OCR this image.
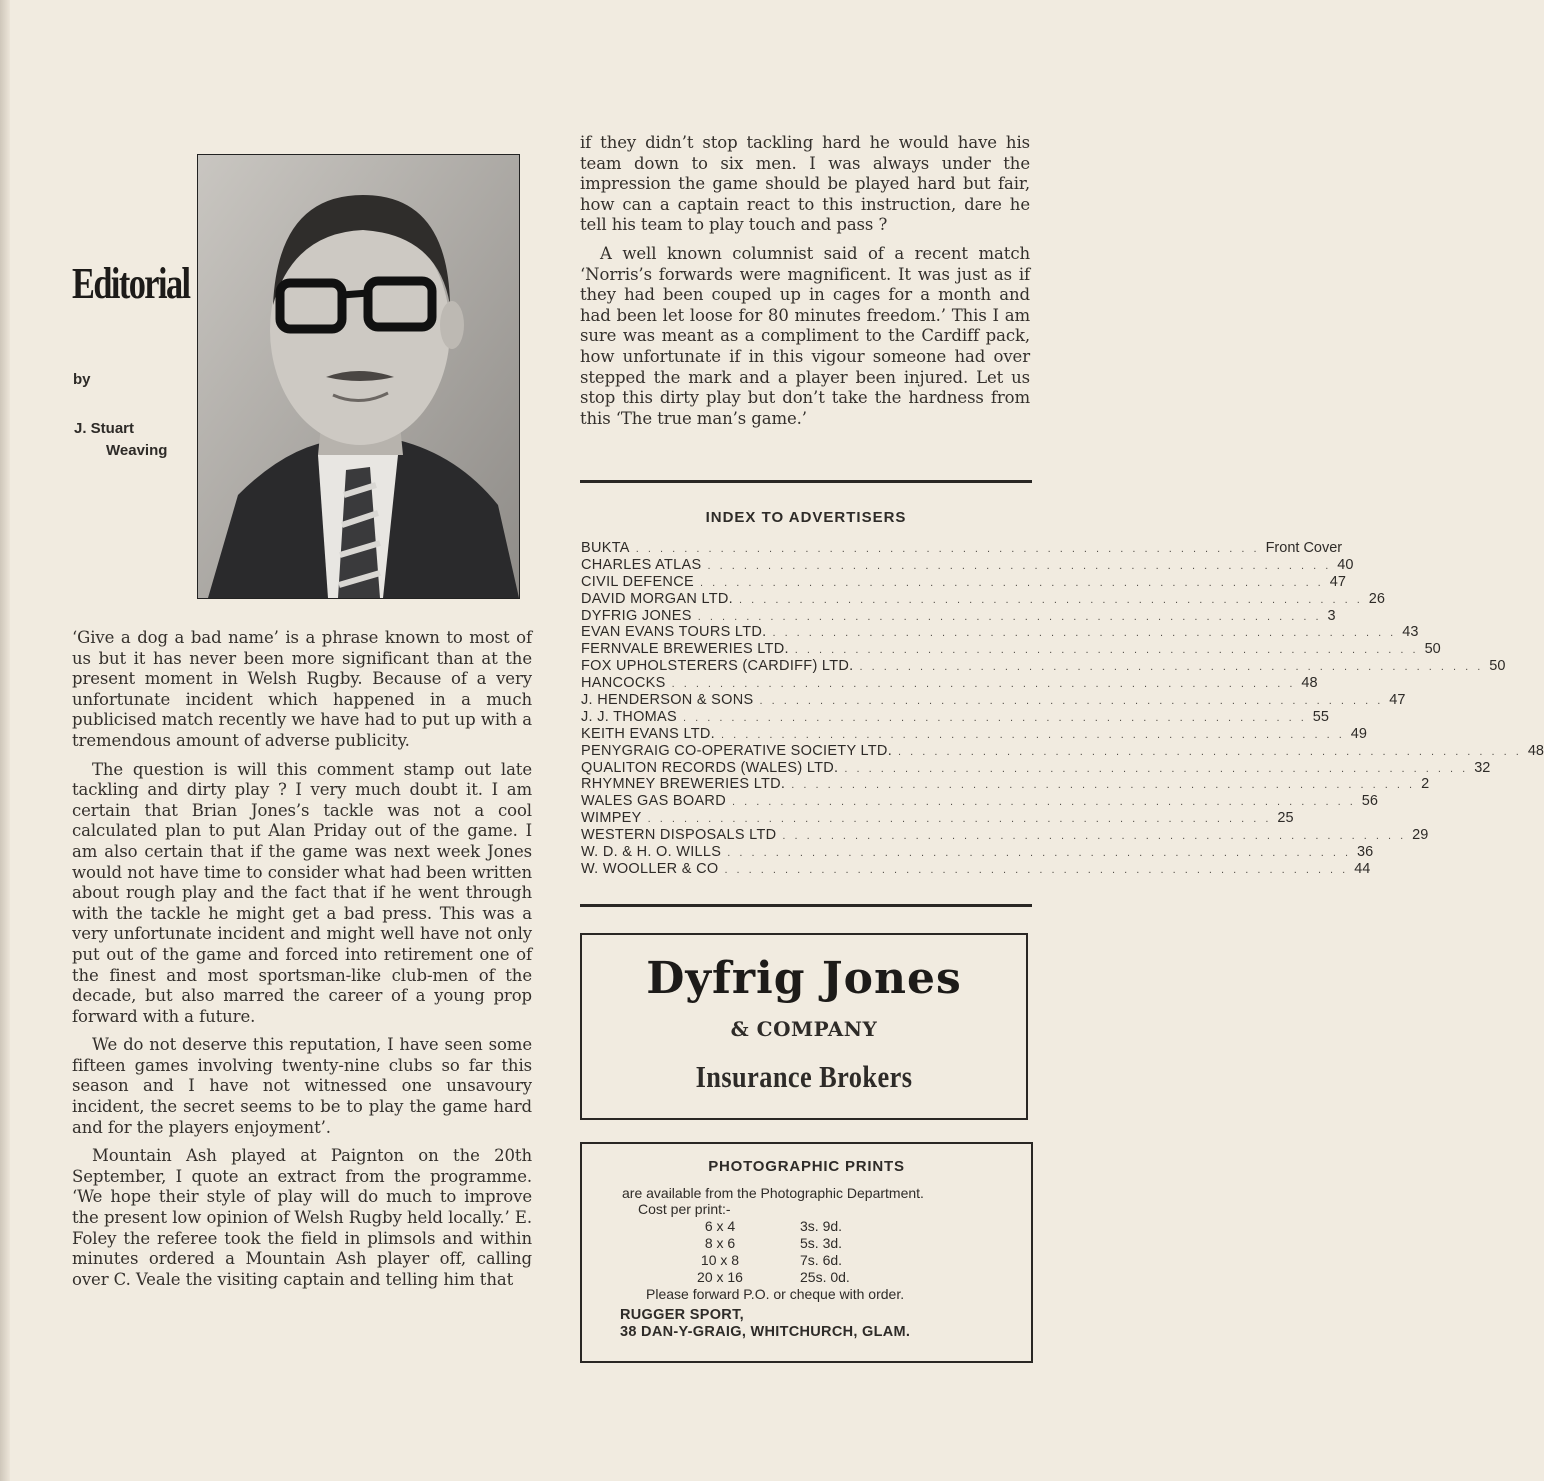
Editorial
by
J. Stuart
Weaving

‘Give a dog a bad name’ is a phrase known to most of us but it has never been more significant than at the present moment in Welsh Rugby. Because of a very unfortunate incident which happened in a much publicised match recently we have had to put up with a tremendous amount of adverse publicity.

The question is will this comment stamp out late tackling and dirty play ? I very much doubt it. I am certain that Brian Jones’s tackle was not a cool calculated plan to put Alan Priday out of the game. I am also certain that if the game was next week Jones would not have time to consider what had been written about rough play and the fact that if he went through with the tackle he might get a bad press. This was a very unfortunate incident and might well have not only put out of the game and forced into retirement one of the finest and most sportsman-like club-men of the decade, but also marred the career of a young prop forward with a future.

We do not deserve this reputation, I have seen some fifteen games involving twenty-nine clubs so far this season and I have not witnessed one unsavoury incident, the secret seems to be to play the game hard and for the players enjoyment’.

Mountain Ash played at Paignton on the 20th September, I quote an extract from the programme. ‘We hope their style of play will do much to improve the present low opinion of Welsh Rugby held locally.’ E. Foley the referee took the field in plimsols and within minutes ordered a Mountain Ash player off, calling over C. Veale the visiting captain and telling him that

if they didn’t stop tackling hard he would have his team down to six men. I was always under the impression the game should be played hard but fair, how can a captain react to this instruction, dare he tell his team to play touch and pass ?

A well known columnist said of a recent match ‘Norris’s forwards were magnificent. It was just as if they had been couped up in cages for a month and had been let loose for 80 minutes freedom.’ This I am sure was meant as a compliment to the Cardiff pack, how unfortunate if in this vigour someone had over stepped the mark and a player been injured. Let us stop this dirty play but don’t take the hardness from this ‘The true man’s game.’

INDEX TO ADVERTISERS
BUKTA . . . . . . . . . . . . . . . . . . . . . . . . . . . . . . . . . . . . . . . . . . . . . . . . . . . . Front Cover
CHARLES ATLAS . . . . . . . . . . . . . . . . . . . . . . . . . . . . . . . . . . . . . . . . . . . . . . . . . . . . 40
CIVIL DEFENCE . . . . . . . . . . . . . . . . . . . . . . . . . . . . . . . . . . . . . . . . . . . . . . . . . . . . 47
DAVID MORGAN LTD. . . . . . . . . . . . . . . . . . . . . . . . . . . . . . . . . . . . . . . . . . . . . . . . . . . . . 26
DYFRIG JONES . . . . . . . . . . . . . . . . . . . . . . . . . . . . . . . . . . . . . . . . . . . . . . . . . . . . 3
EVAN EVANS TOURS LTD. . . . . . . . . . . . . . . . . . . . . . . . . . . . . . . . . . . . . . . . . . . . . . . . . . . . . 43
FERNVALE BREWERIES LTD. . . . . . . . . . . . . . . . . . . . . . . . . . . . . . . . . . . . . . . . . . . . . . . . . . . . . 50
FOX UPHOLSTERERS (CARDIFF) LTD. . . . . . . . . . . . . . . . . . . . . . . . . . . . . . . . . . . . . . . . . . . . . . . . . . . . . 50
HANCOCKS . . . . . . . . . . . . . . . . . . . . . . . . . . . . . . . . . . . . . . . . . . . . . . . . . . . . 48
J. HENDERSON & SONS . . . . . . . . . . . . . . . . . . . . . . . . . . . . . . . . . . . . . . . . . . . . . . . . . . . . 47
J. J. THOMAS . . . . . . . . . . . . . . . . . . . . . . . . . . . . . . . . . . . . . . . . . . . . . . . . . . . . 55
KEITH EVANS LTD. . . . . . . . . . . . . . . . . . . . . . . . . . . . . . . . . . . . . . . . . . . . . . . . . . . . . 49
PENYGRAIG CO-OPERATIVE SOCIETY LTD. . . . . . . . . . . . . . . . . . . . . . . . . . . . . . . . . . . . . . . . . . . . . . . . . . . . . 48
QUALITON RECORDS (WALES) LTD. . . . . . . . . . . . . . . . . . . . . . . . . . . . . . . . . . . . . . . . . . . . . . . . . . . . . 32
RHYMNEY BREWERIES LTD. . . . . . . . . . . . . . . . . . . . . . . . . . . . . . . . . . . . . . . . . . . . . . . . . . . . . 2
WALES GAS BOARD . . . . . . . . . . . . . . . . . . . . . . . . . . . . . . . . . . . . . . . . . . . . . . . . . . . . 56
WIMPEY . . . . . . . . . . . . . . . . . . . . . . . . . . . . . . . . . . . . . . . . . . . . . . . . . . . . 25
WESTERN DISPOSALS LTD . . . . . . . . . . . . . . . . . . . . . . . . . . . . . . . . . . . . . . . . . . . . . . . . . . . . 29
W. D. & H. O. WILLS . . . . . . . . . . . . . . . . . . . . . . . . . . . . . . . . . . . . . . . . . . . . . . . . . . . . 36
W. WOOLLER & CO . . . . . . . . . . . . . . . . . . . . . . . . . . . . . . . . . . . . . . . . . . . . . . . . . . . . 44
Dyfrig Jones
& COMPANY
Insurance Brokers
PHOTOGRAPHIC PRINTS
are available from the Photographic Department.
Cost per print:-
6 x 4	3s. 9d.
8 x 6	5s. 3d.
10 x 8	7s. 6d.
20 x 16	25s. 0d.
Please forward P.O. or cheque with order.
RUGGER SPORT,
38 DAN-Y-GRAIG, WHITCHURCH, GLAM.
